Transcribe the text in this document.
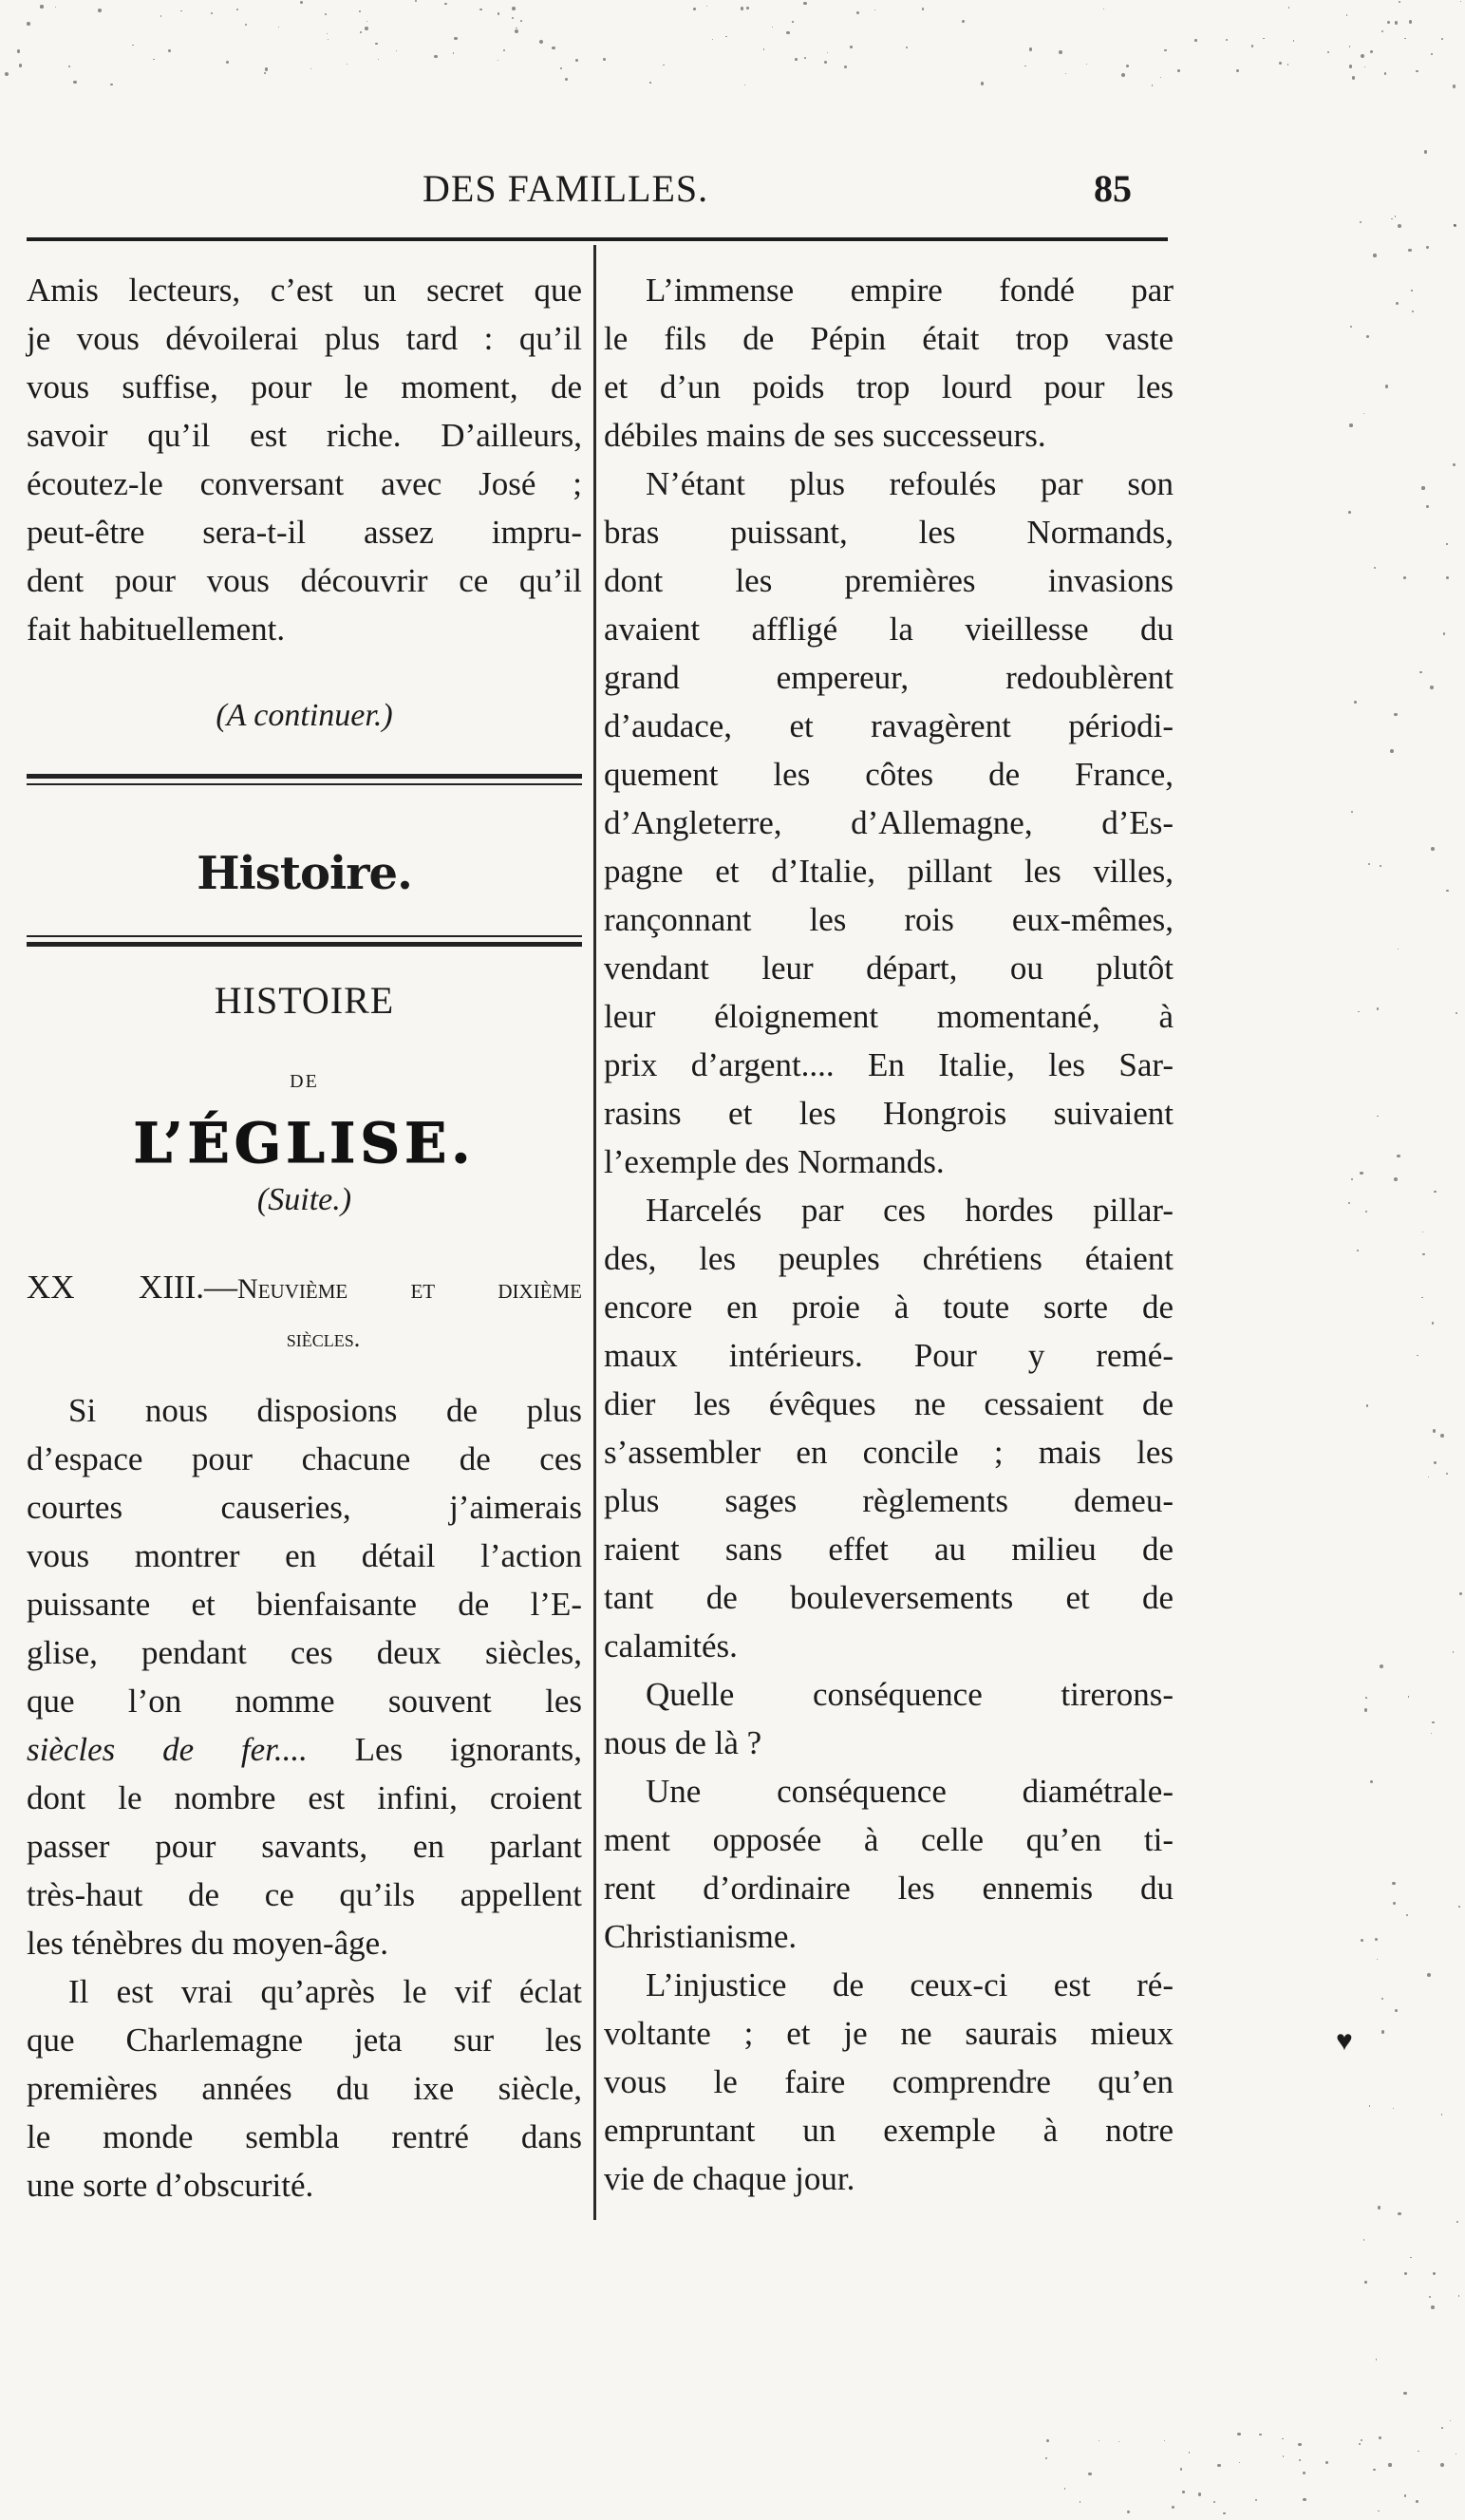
DES FAMILLES.	85
Amis lecteurs, c’est un secret que
je vous dévoilerai plus tard : qu’il
vous suffise, pour le moment, de
savoir qu’il est riche. D’ailleurs,
écoutez-le conversant avec José ;
peut-être sera-t-il assez impru-
dent pour vous découvrir ce qu’il
fait habituellement.
(A continuer.)
Histoire.
HISTOIRE
DE
L’ÉGLISE.
(Suite.)
XX XIII.—Neuvième et dixième
siècles.
Si nous disposions de plus
d’espace pour chacune de ces
courtes causeries, j’aimerais
vous montrer en détail l’action
puissante et bienfaisante de l’E-
glise, pendant ces deux siècles,
que l’on nomme souvent les
siècles de fer.... Les ignorants,
dont le nombre est infini, croient
passer pour savants, en parlant
très-haut de ce qu’ils appellent
les ténèbres du moyen-âge.
Il est vrai qu’après le vif éclat
que Charlemagne jeta sur les
premières années du ixe siècle,
le monde sembla rentré dans
une sorte d’obscurité.
L’immense empire fondé par
le fils de Pépin était trop vaste
et d’un poids trop lourd pour les
débiles mains de ses successeurs.
N’étant plus refoulés par son
bras puissant, les Normands,
dont les premières invasions
avaient affligé la vieillesse du
grand empereur, redoublèrent
d’audace, et ravagèrent périodi-
quement les côtes de France,
d’Angleterre, d’Allemagne, d’Es-
pagne et d’Italie, pillant les villes,
rançonnant les rois eux-mêmes,
vendant leur départ, ou plutôt
leur éloignement momentané, à
prix d’argent.... En Italie, les Sar-
rasins et les Hongrois suivaient
l’exemple des Normands.
Harcelés par ces hordes pillar-
des, les peuples chrétiens étaient
encore en proie à toute sorte de
maux intérieurs. Pour y remé-
dier les évêques ne cessaient de
s’assembler en concile ; mais les
plus sages règlements demeu-
raient sans effet au milieu de
tant de bouleversements et de
calamités.
Quelle conséquence tirerons-
nous de là ?
Une conséquence diamétrale-
ment opposée à celle qu’en ti-
rent d’ordinaire les ennemis du
Christianisme.
L’injustice de ceux-ci est ré-
voltante ; et je ne saurais mieux
vous le faire comprendre qu’en
empruntant un exemple à notre
vie de chaque jour.
♥
